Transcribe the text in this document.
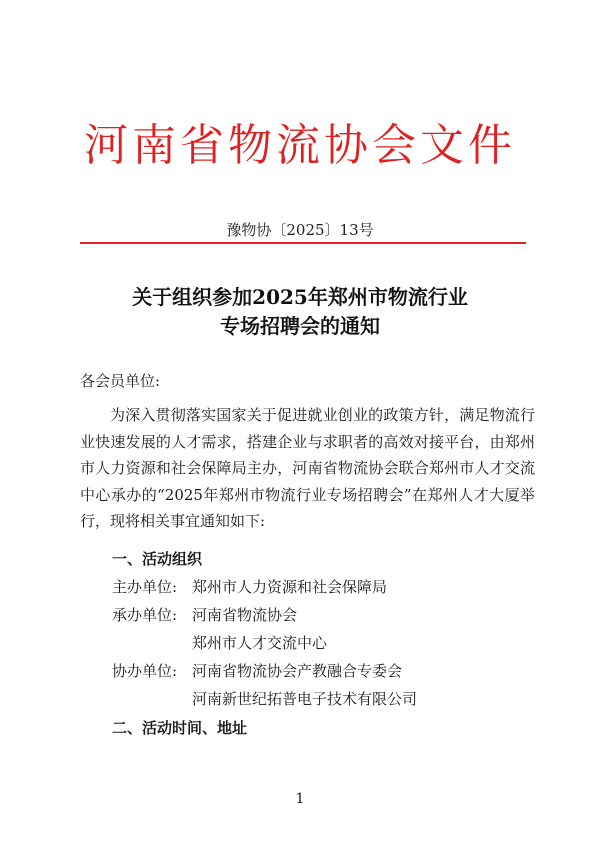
河南省物流协会文件
豫物协〔2025〕13号
关于组织参加2025年郑州市物流行业
专场招聘会的通知
各会员单位:

为深入贯彻落实国家关于促进就业创业的政策方针，满足物流行业快速发展的人才需求，搭建企业与求职者的高效对接平台，由郑州市人力资源和社会保障局主办，河南省物流协会联合郑州市人才交流中心承办的“2025年郑州市物流行业专场招聘会”在郑州人才大厦举行，现将相关事宜通知如下:

一、活动组织
主办单位: 郑州市人力资源和社会保障局
承办单位: 河南省物流协会
郑州市人才交流中心
协办单位: 河南省物流协会产教融合专委会
河南新世纪拓普电子技术有限公司
二、活动时间、地址
1
